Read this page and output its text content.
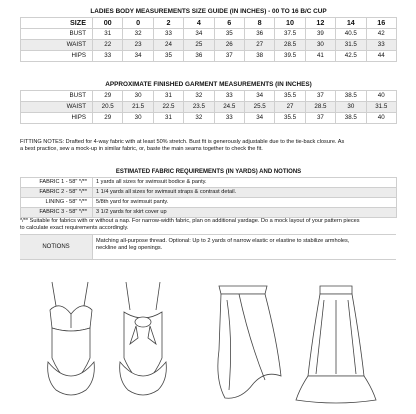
LADIES BODY MEASUREMENTS SIZE GUIDE (IN INCHES) - 00 TO 16 B/C CUP										
SIZE	00	0	2	4	6	8	10	12	14	16
BUST	31	32	33	34	35	36	37.5	39	40.5	42
WAIST	22	23	24	25	26	27	28.5	30	31.5	33
HIPS	33	34	35	36	37	38	39.5	41	42.5	44
APPROXIMATE FINISHED GARMENT MEASUREMENTS (IN INCHES)										
BUST	29	30	31	32	33	34	35.5	37	38.5	40
WAIST	20.5	21.5	22.5	23.5	24.5	25.5	27	28.5	30	31.5
HIPS	29	30	31	32	33	34	35.5	37	38.5	40
FITTING NOTES: Drafted for 4-way fabric with at least 50% stretch. Bust fit is generously adjustable due to the tie-back closure. As
a best practice, sew a mock-up in similar fabric, or, baste the main seams together to check the fit.
ESTIMATED FABRIC REQUIREMENTS (IN YARDS) AND NOTIONS	
FABRIC 1 - 58" */**	1 yards all sizes for swimsuit bodice & panty.
FABRIC 2 - 58" */**	1 1/4 yards all sizes for swimsuit straps & contrast detail.
LINING - 58" */**	5/8th yard for swimsuit panty.
FABRIC 3 - 58" */**	3 1/2 yards for skirt cover up
*/** Suitable for fabrics with or without a nap. For narrow-width fabric, plan on additional yardage. Do a mock layout of your pattern pieces
to calculate exact requirements accordingly.
NOTIONS
Matching all-purpose thread. Optional: Up to 2 yards of narrow elastic or elastine to stabilize armholes,
neckline and leg openings.
